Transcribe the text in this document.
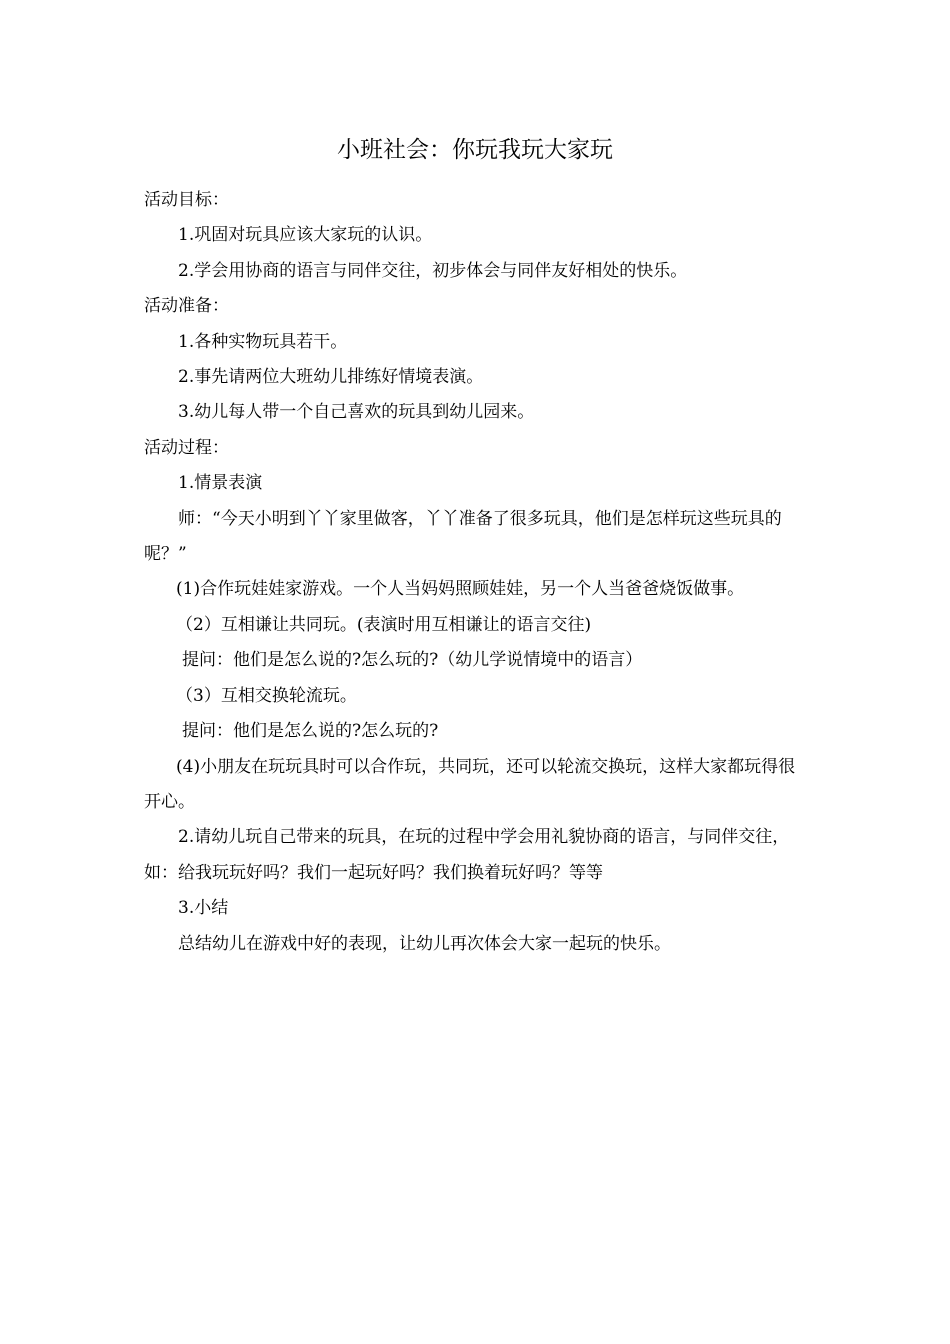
小班社会：你玩我玩大家玩

活动目标：

1.巩固对玩具应该大家玩的认识。

2.学会用协商的语言与同伴交往，初步体会与同伴友好相处的快乐。

活动准备：

1.各种实物玩具若干。

2.事先请两位大班幼儿排练好情境表演。

3.幼儿每人带一个自己喜欢的玩具到幼儿园来。

活动过程：

1.情景表演

师：“今天小明到丫丫家里做客，丫丫准备了很多玩具，他们是怎样玩这些玩具的呢？”

(1)合作玩娃娃家游戏。一个人当妈妈照顾娃娃，另一个人当爸爸烧饭做事。

（2）互相谦让共同玩。(表演时用互相谦让的语言交往)

提问：他们是怎么说的?怎么玩的?（幼儿学说情境中的语言）

（3）互相交换轮流玩。

提问：他们是怎么说的?怎么玩的?

(4)小朋友在玩玩具时可以合作玩，共同玩，还可以轮流交换玩，这样大家都玩得很开心。

2.请幼儿玩自己带来的玩具，在玩的过程中学会用礼貌协商的语言，与同伴交往，如：给我玩玩好吗？我们一起玩好吗？我们换着玩好吗？等等

3.小结

总结幼儿在游戏中好的表现，让幼儿再次体会大家一起玩的快乐。
